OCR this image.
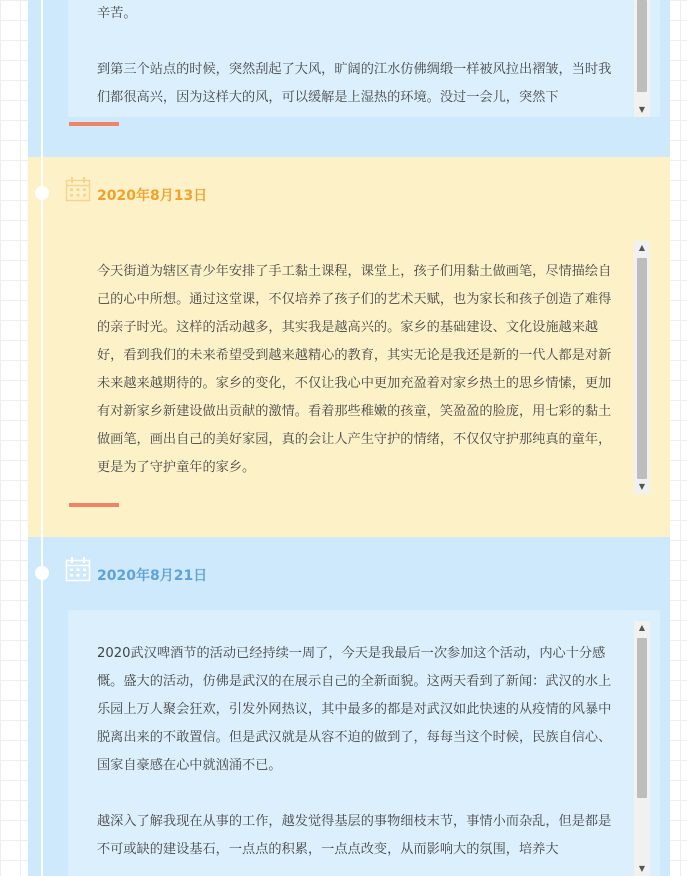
辛苦。

到第三个站点的时候，突然刮起了大风，旷阔的江水仿佛绸缎一样被风拉出褶皱，当时我们都很高兴，因为这样大的风，可以缓解是上湿热的环境。没过一会儿，突然下

▼
2020年8月13日

今天街道为辖区青少年安排了手工黏土课程，课堂上，孩子们用黏土做画笔，尽情描绘自己的心中所想。通过这堂课，不仅培养了孩子们的艺术天赋，也为家长和孩子创造了难得的亲子时光。这样的活动越多，其实我是越高兴的。家乡的基础建设、文化设施越来越好，看到我们的未来希望受到越来越精心的教育，其实无论是我还是新的一代人都是对新未来越来越期待的。家乡的变化，不仅让我心中更加充盈着对家乡热土的思乡情愫，更加有对新家乡新建设做出贡献的激情。看着那些稚嫩的孩童，笑盈盈的脸庞，用七彩的黏土做画笔，画出自己的美好家园，真的会让人产生守护的情绪，不仅仅守护那纯真的童年，更是为了守护童年的家乡。

▲
▼
2020年8月21日

2020武汉啤酒节的活动已经持续一周了，今天是我最后一次参加这个活动，内心十分感慨。盛大的活动，仿佛是武汉的在展示自己的全新面貌。这两天看到了新闻：武汉的水上乐园上万人聚会狂欢，引发外网热议，其中最多的都是对武汉如此快速的从疫情的风暴中脱离出来的不敢置信。但是武汉就是从容不迫的做到了，每每当这个时候，民族自信心、国家自豪感在心中就汹涌不已。

越深入了解我现在从事的工作，越发觉得基层的事物细枝末节，事情小而杂乱，但是都是不可或缺的建设基石，一点点的积累，一点点改变，从而影响大的氛围，培养大

▲
▼
